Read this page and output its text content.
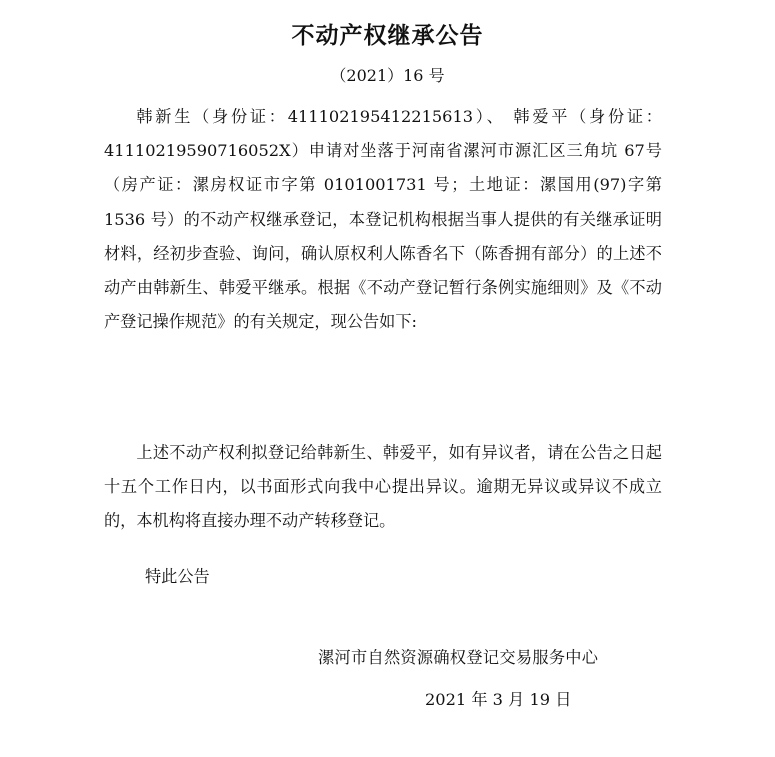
不动产权继承公告
（2021）16 号

韩新生（身份证：411102195412215613）、 韩爱平（身份证：4111021959071605​2X）申请对坐落于河南省漯河市源汇区三角坑 67号（房产证：漯房权证市字第 0101001731 号；土地证：漯国用(97)字第 1536 号）的不动产权继承登记，本登记机构根据当事人提供的有关继承证明材料，经初步查验、询问，确认原权利人陈香名下（陈香拥有部分）的上述不动产由韩新生、韩爱平继承。根据《不动产登记暂行条例实施细则》及《不动产登记操作规范》的有关规定，现公告如下:

上述不动产权利拟登记给韩新生、韩爱平，如有异议者，请在公告之日起十五个工作日内，以书面形式向我中心提出异议。逾期无异议或异议不成立的，本机构将直接办理不动产转移登记。

特此公告
漯河市自然资源确权登记交易服务中心
2021 年 3 月 19 日
